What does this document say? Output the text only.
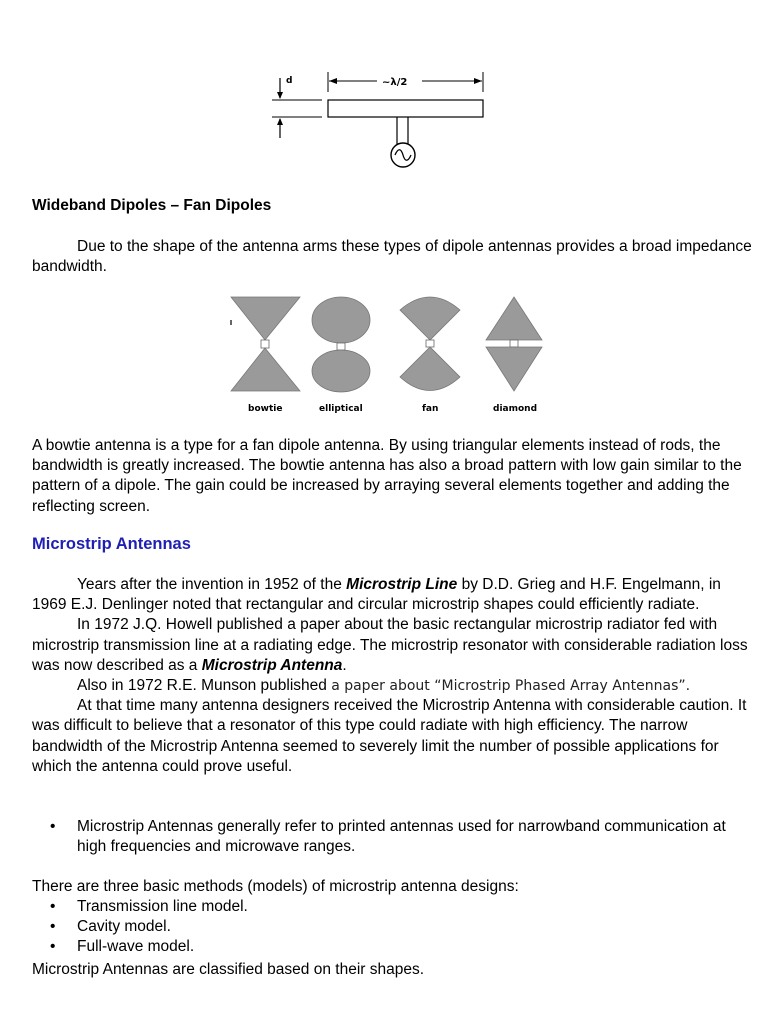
d	~λ/2
Wideband Dipoles – Fan Dipoles
Due to the shape of the antenna arms these types of dipole antennas provides a broad impedance bandwidth.
bowtie	elliptical	fan	diamond
A bowtie antenna is a type for a fan dipole antenna. By using triangular elements instead of rods, the bandwidth is greatly increased. The bowtie antenna has also a broad pattern with low gain similar to the pattern of a dipole. The gain could be increased by arraying several elements together and adding the reflecting screen.
Microstrip Antennas
Years after the invention in 1952 of the Microstrip Line by D.D. Grieg and H.F. Engelmann, in 1969 E.J. Denlinger noted that rectangular and circular microstrip shapes could efficiently radiate.
In 1972 J.Q. Howell published a paper about the basic rectangular microstrip radiator fed with microstrip transmission line at a radiating edge. The microstrip resonator with considerable radiation loss was now described as a Microstrip Antenna.
Also in 1972 R.E. Munson published a paper about “Microstrip Phased Array Antennas”.
At that time many antenna designers received the Microstrip Antenna with considerable caution. It was difficult to believe that a resonator of this type could radiate with high efficiency. The narrow bandwidth of the Microstrip Antenna seemed to severely limit the number of possible applications for which the antenna could prove useful.
• Microstrip Antennas generally refer to printed antennas used for narrowband communication at high frequencies and microwave ranges.
There are three basic methods (models) of microstrip antenna designs:
• Transmission line model.
• Cavity model.
• Full-wave model.
Microstrip Antennas are classified based on their shapes.
